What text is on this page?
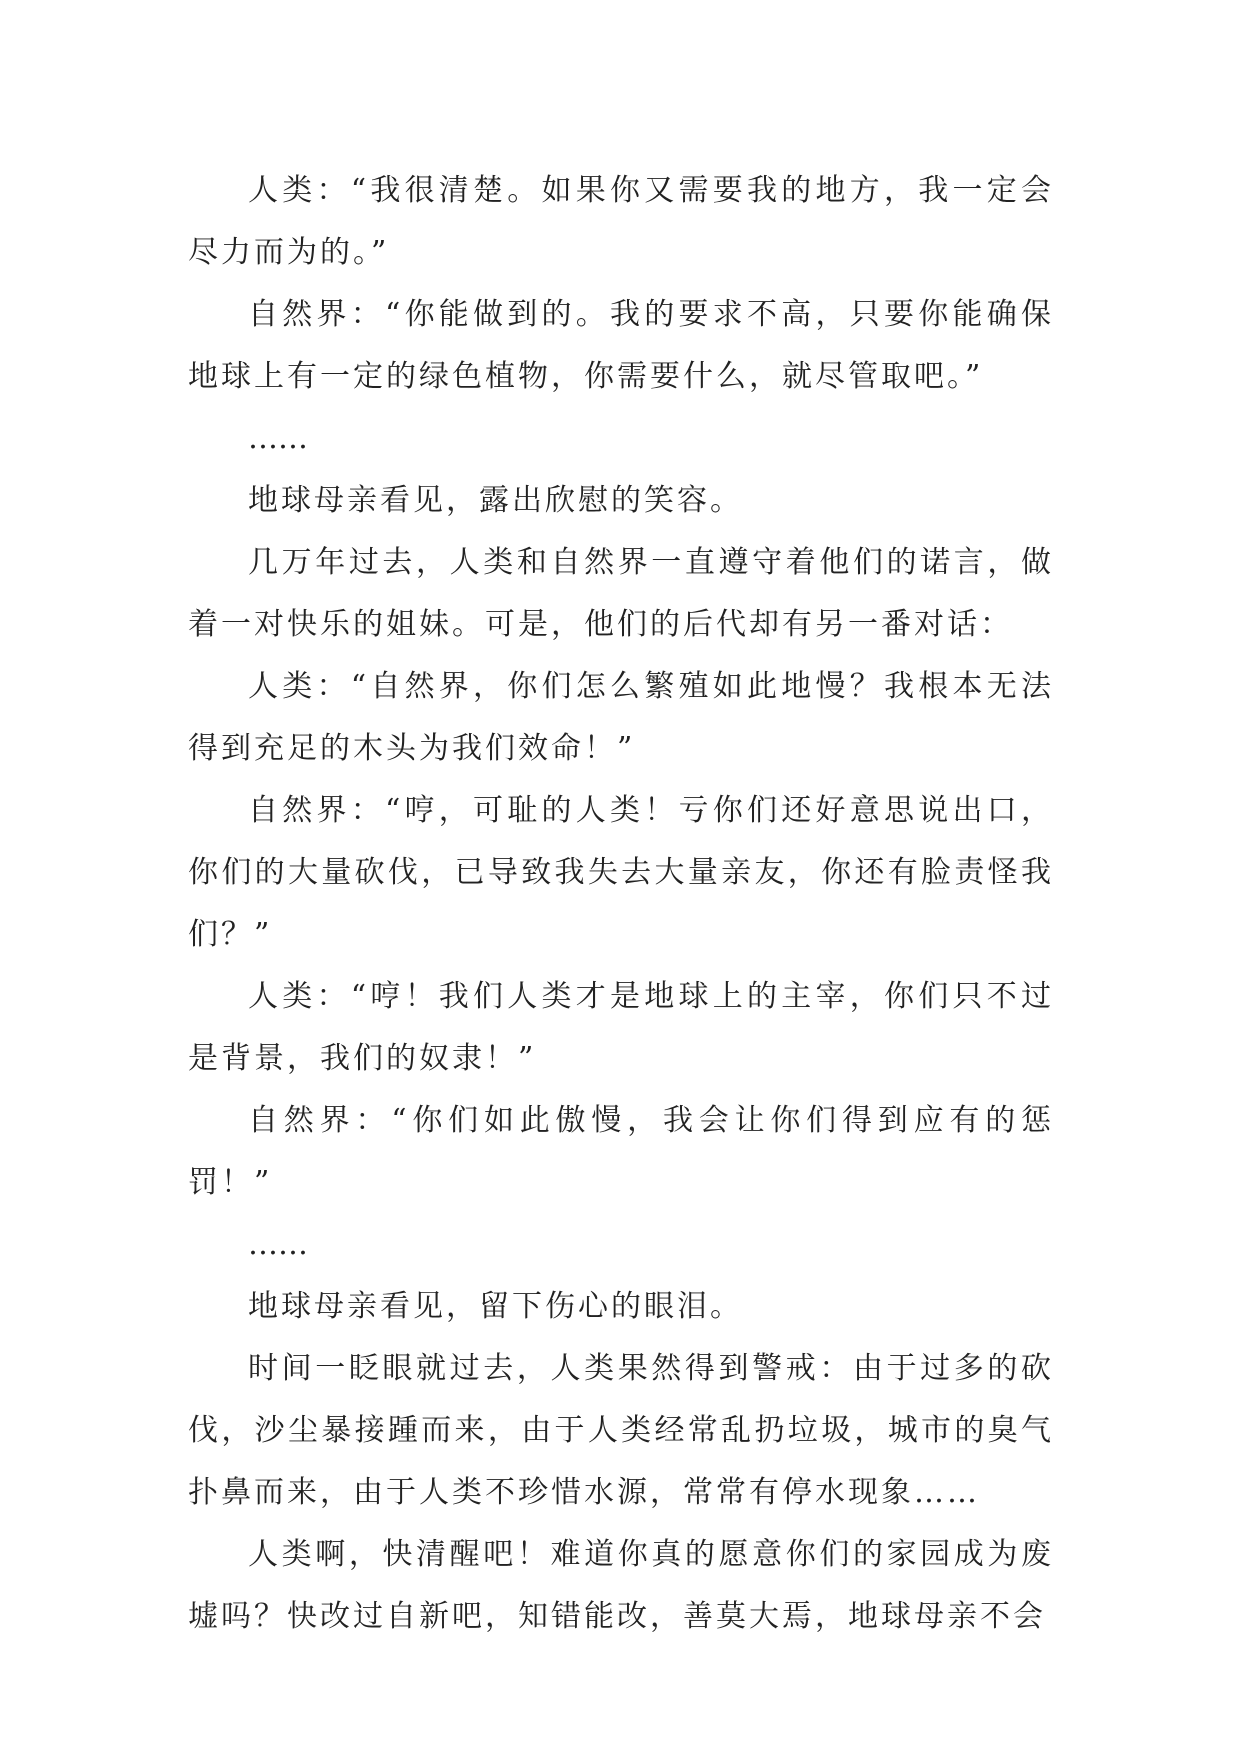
人类：“我很清楚。如果你又需要我的地方，我一定会尽力而为的。”

自然界：“你能做到的。我的要求不高，只要你能确保地球上有一定的绿色植物，你需要什么，就尽管取吧。”

……

地球母亲看见，露出欣慰的笑容。

几万年过去，人类和自然界一直遵守着他们的诺言，做着一对快乐的姐妹。可是，他们的后代却有另一番对话：

人类：“自然界，你们怎么繁殖如此地慢？我根本无法得到充足的木头为我们效命！”

自然界：“哼，可耻的人类！亏你们还好意思说出口，你们的大量砍伐，已导致我失去大量亲友，你还有脸责怪我们？”

人类：“哼！我们人类才是地球上的主宰，你们只不过是背景，我们的奴隶！”

自然界：“你们如此傲慢，我会让你们得到应有的惩罚！”

……

地球母亲看见，留下伤心的眼泪。

时间一眨眼就过去，人类果然得到警戒：由于过多的砍伐，沙尘暴接踵而来，由于人类经常乱扔垃圾，城市的臭气扑鼻而来，由于人类不珍惜水源，常常有停水现象……

人类啊，快清醒吧！难道你真的愿意你们的家园成为废墟吗？快改过自新吧，知错能改，善莫大焉，地球母亲不会
